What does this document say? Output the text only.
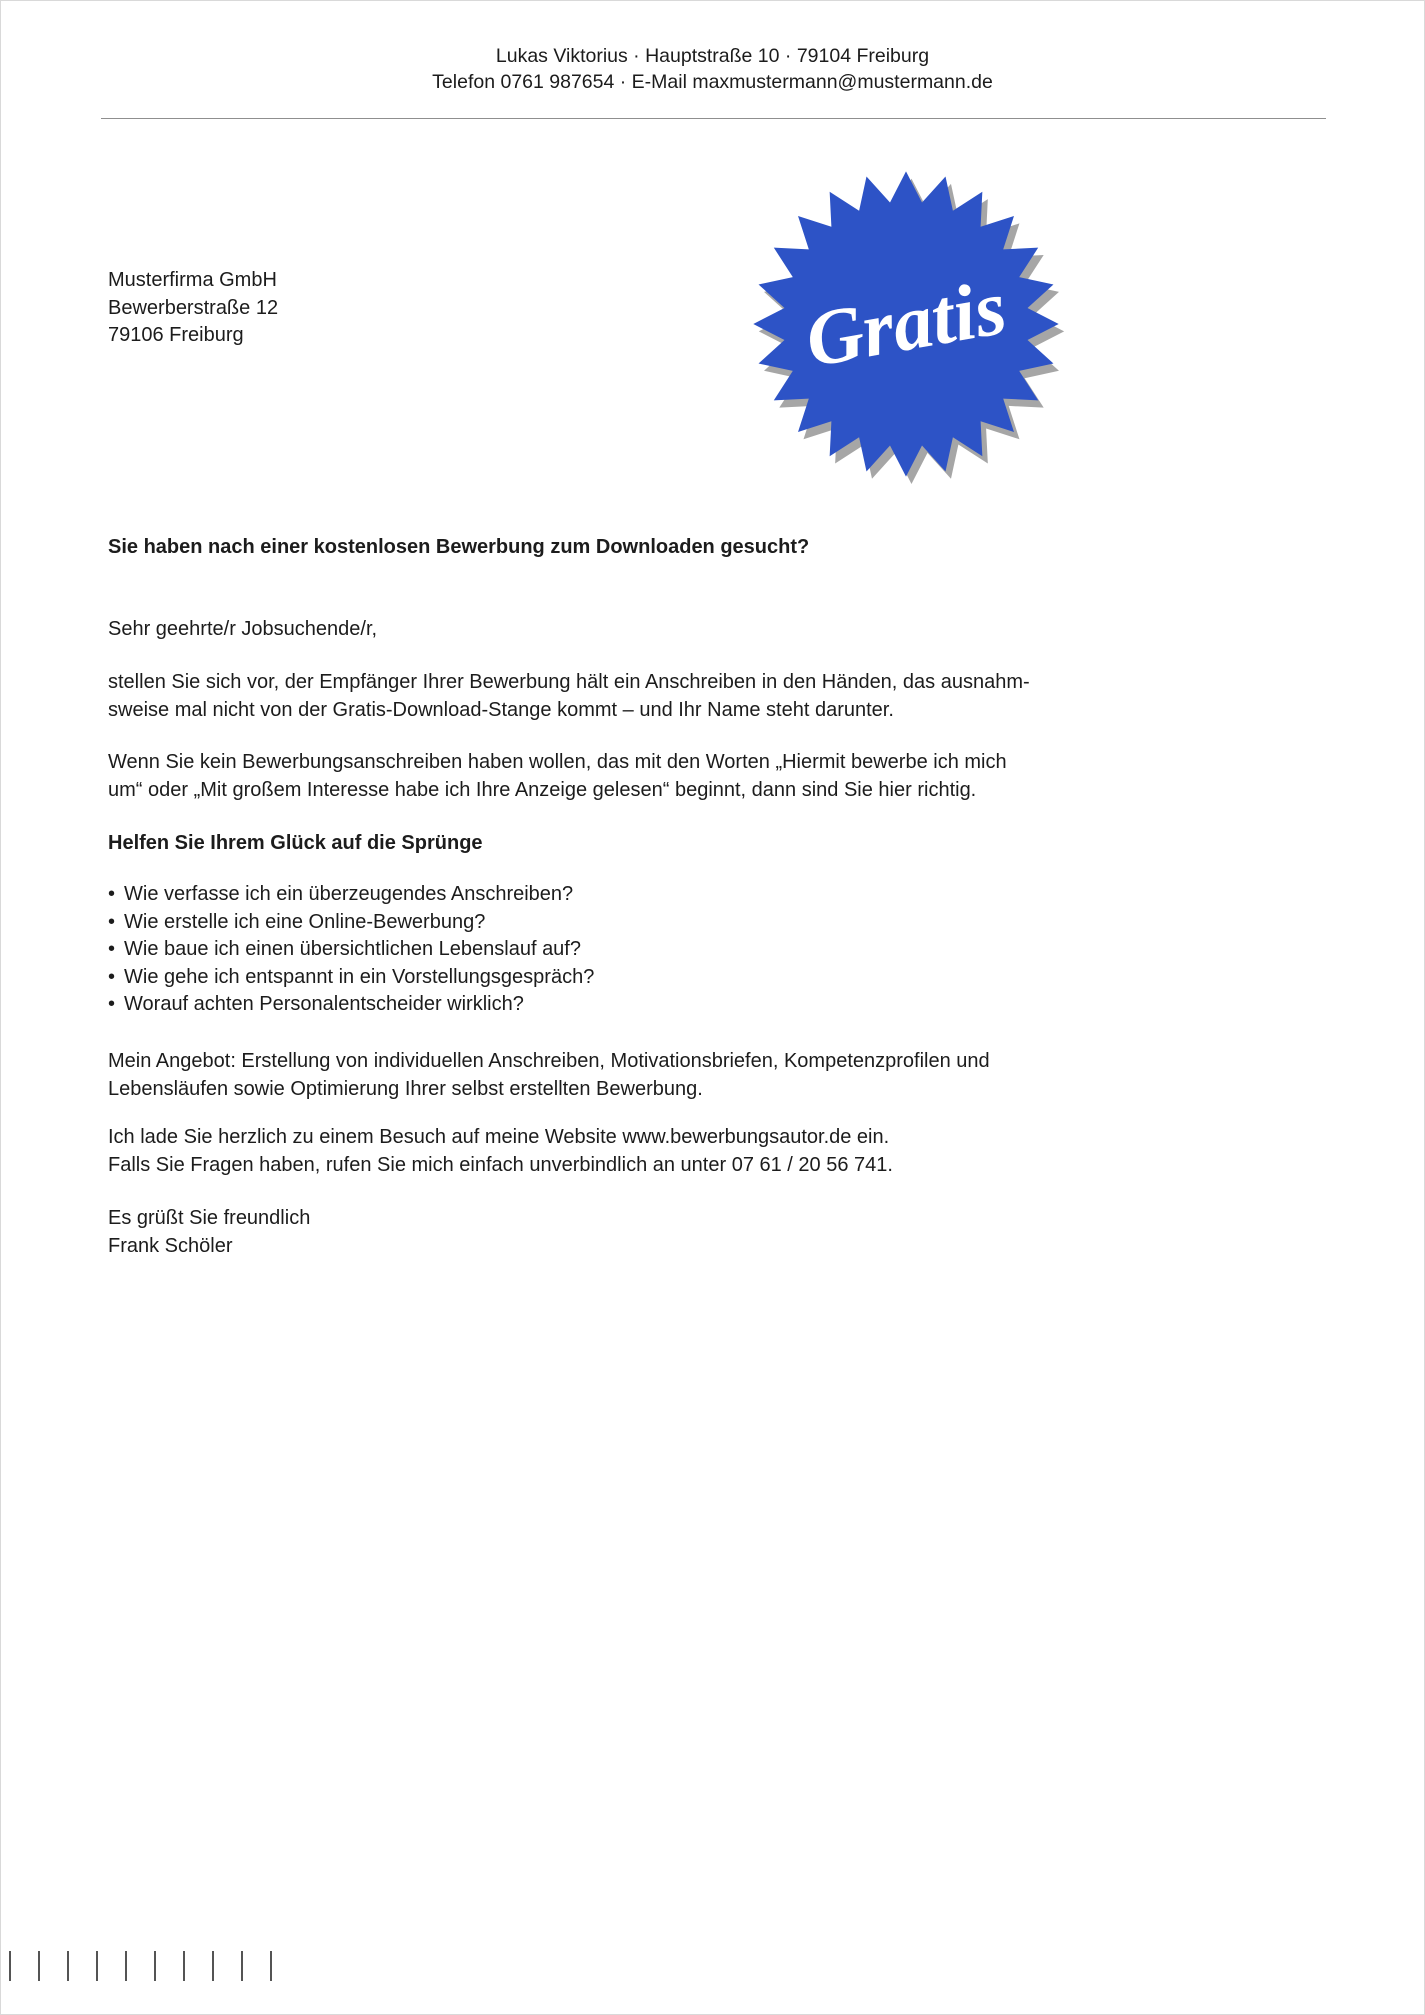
Lukas Viktorius · Hauptstraße 10 · 79104 Freiburg
Telefon 0761 987654 · E-Mail maxmustermann@mustermann.de
Gratis
Musterfirma GmbH
Bewerberstraße 12
79106 Freiburg
Sie haben nach einer kostenlosen Bewerbung zum Downloaden gesucht?
Sehr geehrte/r Jobsuchende/r,
stellen Sie sich vor, der Empfänger Ihrer Bewerbung hält ein Anschreiben in den Händen, das ausnahm-
sweise mal nicht von der Gratis-Download-Stange kommt – und Ihr Name steht darunter.
Wenn Sie kein Bewerbungsanschreiben haben wollen, das mit den Worten „Hiermit bewerbe ich mich
um“ oder „Mit großem Interesse habe ich Ihre Anzeige gelesen“ beginnt, dann sind Sie hier richtig.
Helfen Sie Ihrem Glück auf die Sprünge
• Wie verfasse ich ein überzeugendes Anschreiben?
• Wie erstelle ich eine Online-Bewerbung?
• Wie baue ich einen übersichtlichen Lebenslauf auf?
• Wie gehe ich entspannt in ein Vorstellungsgespräch?
• Worauf achten Personalentscheider wirklich?
Mein Angebot: Erstellung von individuellen Anschreiben, Motivationsbriefen, Kompetenzprofilen und
Lebensläufen sowie Optimierung Ihrer selbst erstellten Bewerbung.
Ich lade Sie herzlich zu einem Besuch auf meine Website www.bewerbungsautor.de ein.
Falls Sie Fragen haben, rufen Sie mich einfach unverbindlich an unter 07 61 / 20 56 741.
Es grüßt Sie freundlich
Frank Schöler
